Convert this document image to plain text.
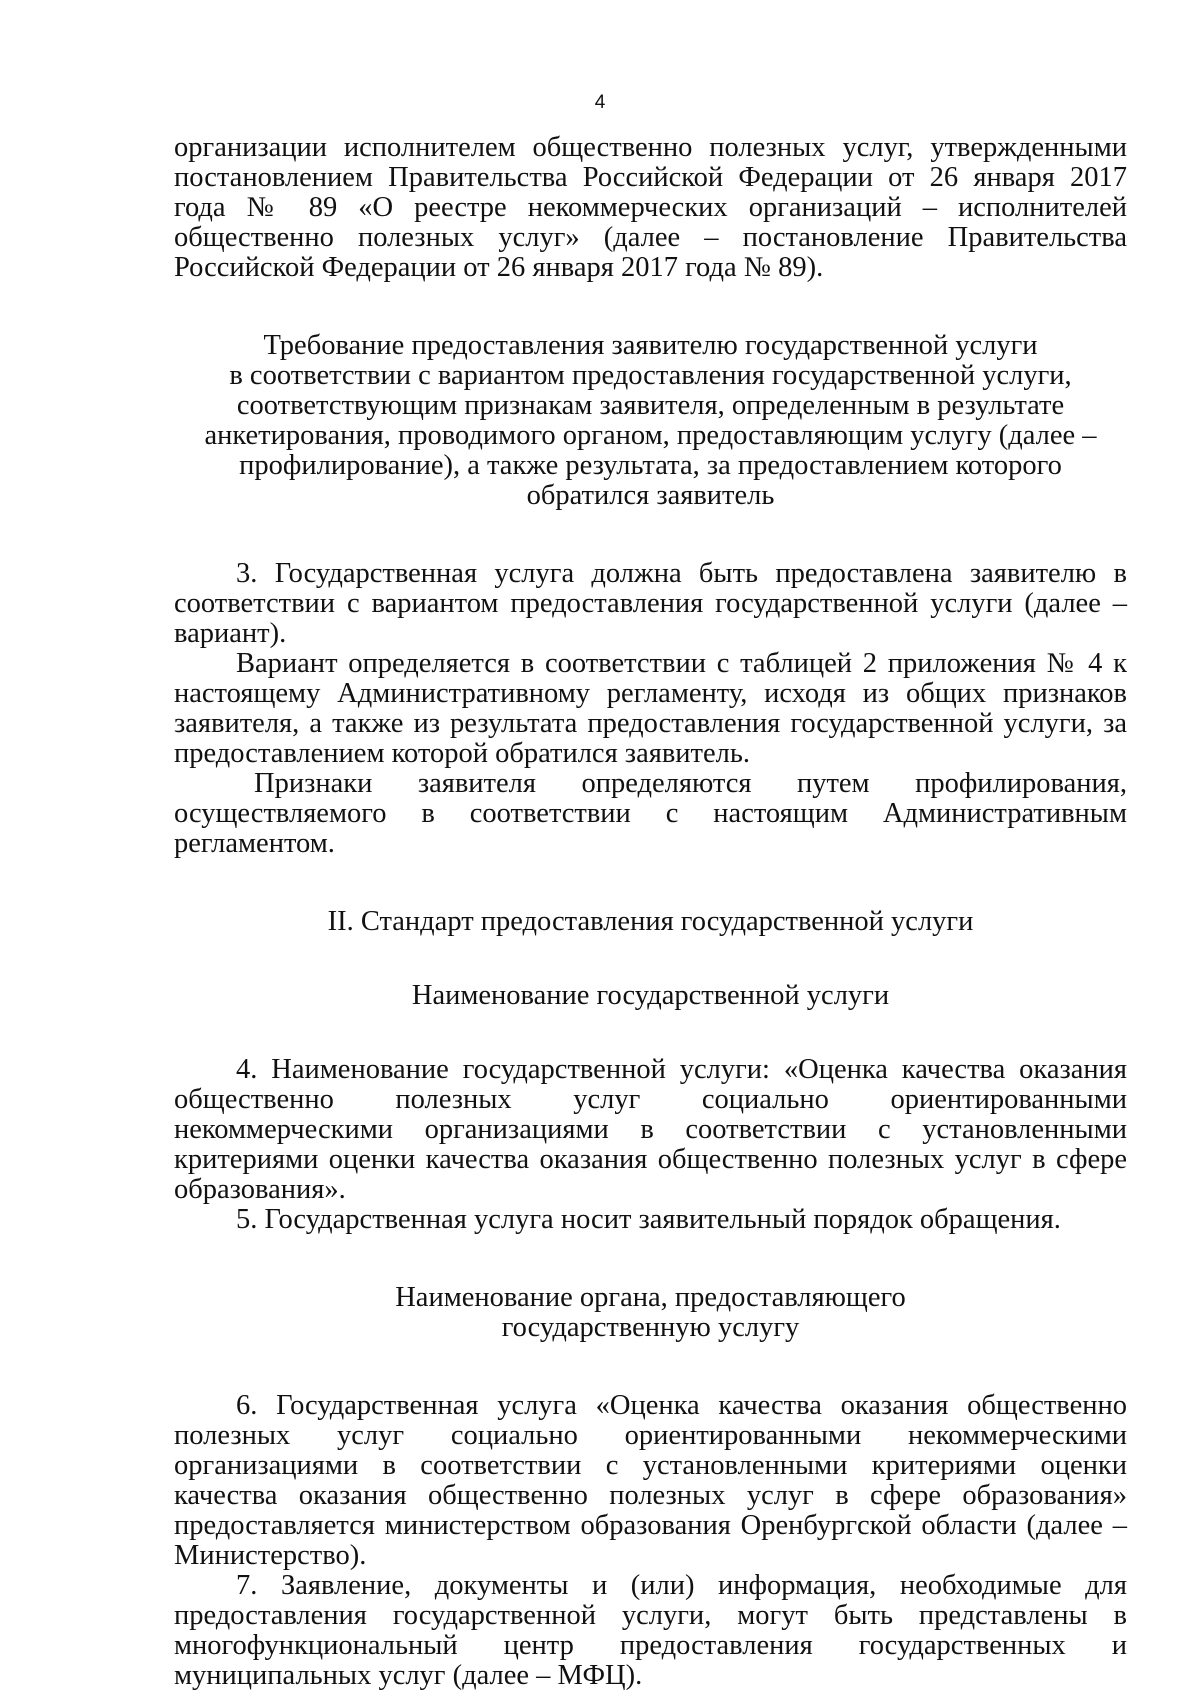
4

организации исполнителем общественно полезных услуг, утвержденными постановлением Правительства Российской Федерации от 26 января 2017 года № 89 «О реестре некоммерческих организаций – исполнителей общественно полезных услуг» (далее – постановление Правительства Российской Федерации от 26 января 2017 года № 89).

Требование предоставления заявителю государственной услуги
в соответствии с вариантом предоставления государственной услуги,
соответствующим признакам заявителя, определенным в результате
анкетирования, проводимого органом, предоставляющим услугу (далее –
профилирование), а также результата, за предоставлением которого
обратился заявитель

3. Государственная услуга должна быть предоставлена заявителю в соответствии с вариантом предоставления государственной услуги (далее – вариант).

Вариант определяется в соответствии с таблицей 2 приложения № 4 к настоящему Административному регламенту, исходя из общих признаков заявителя, а также из результата предоставления государственной услуги, за предоставлением которой обратился заявитель.

Признаки заявителя определяются путем профилирования, осуществляемого в соответствии с настоящим Административным регламентом.

II. Стандарт предоставления государственной услуги

Наименование государственной услуги

4. Наименование государственной услуги: «Оценка качества оказания общественно полезных услуг социально ориентированными некоммерческими организациями в соответствии с установленными критериями оценки качества оказания общественно полезных услуг в сфере образования».

5. Государственная услуга носит заявительный порядок обращения.

Наименование органа, предоставляющего
государственную услугу

6. Государственная услуга «Оценка качества оказания общественно полезных услуг социально ориентированными некоммерческими организациями в соответствии с установленными критериями оценки качества оказания общественно полезных услуг в сфере образования» предоставляется министерством образования Оренбургской области (далее – Министерство).

7. Заявление, документы и (или) информация, необходимые для предоставления государственной услуги, могут быть представлены в многофункциональный центр предоставления государственных и муниципальных услуг (далее – МФЦ).
